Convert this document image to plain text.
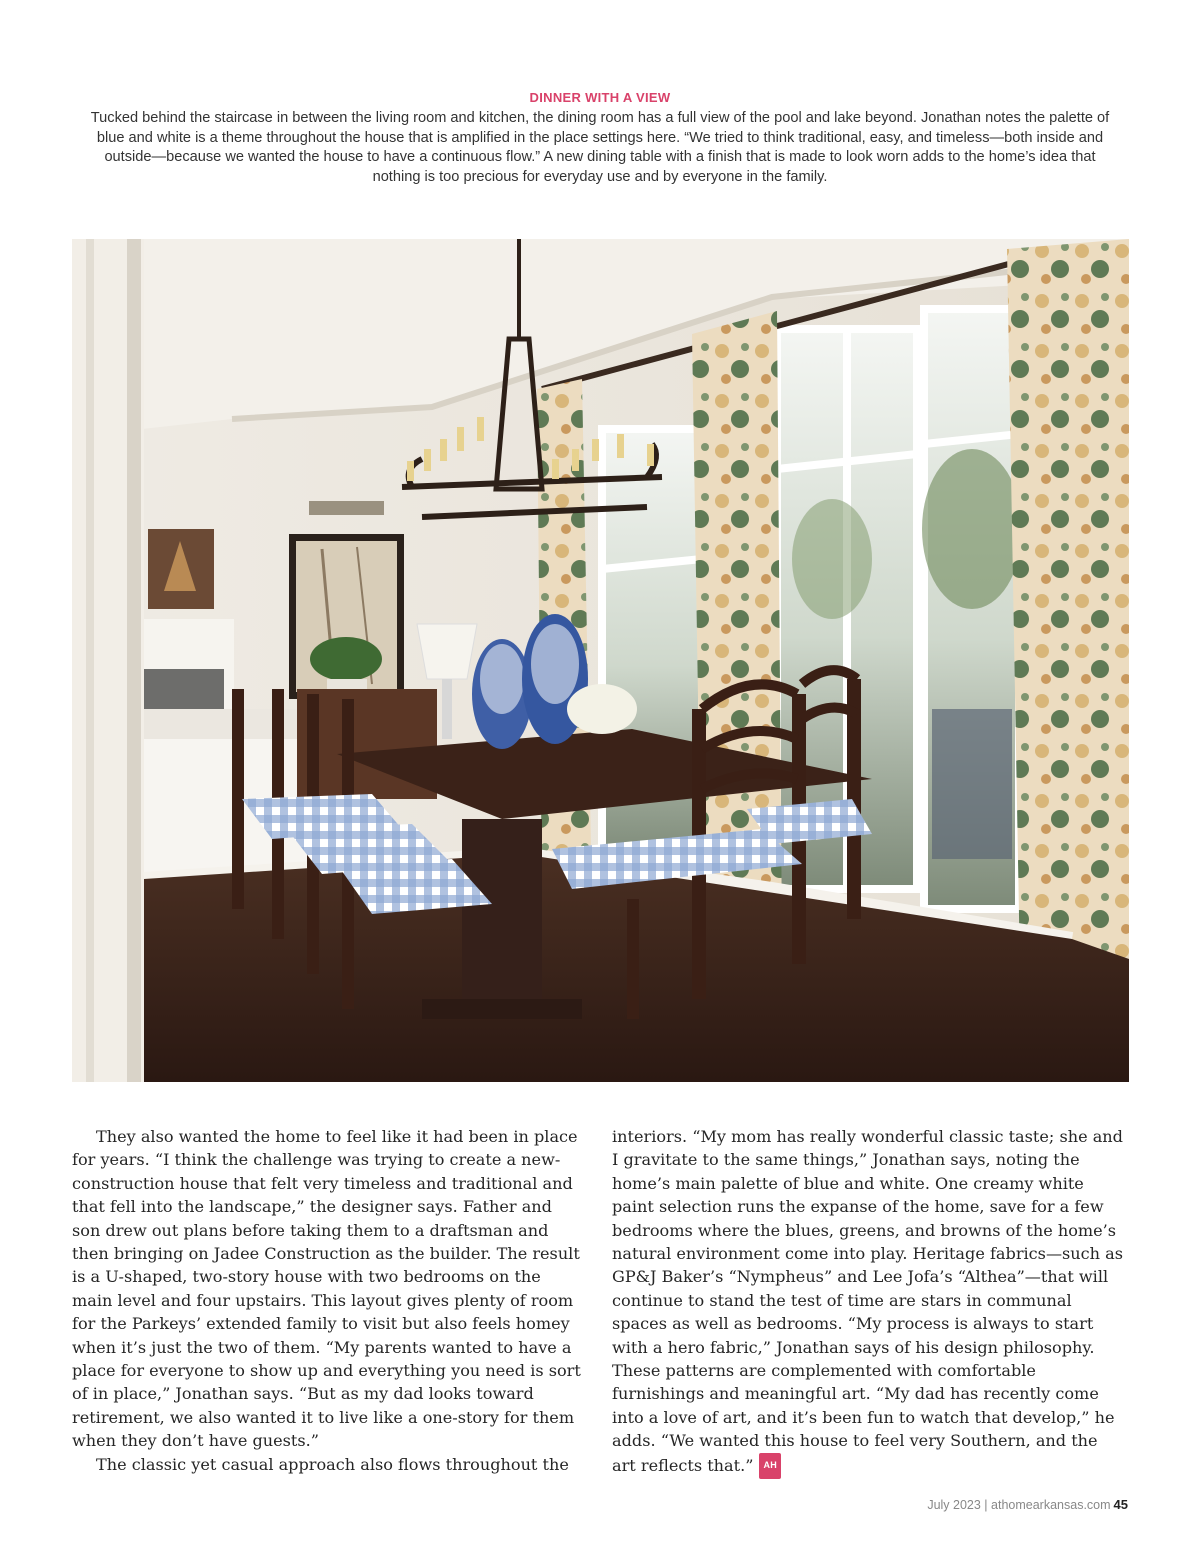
DINNER WITH A VIEW

Tucked behind the staircase in between the living room and kitchen, the dining room has a full view of the pool and lake beyond. Jonathan notes the palette of blue and white is a theme throughout the house that is amplified in the place settings here. “We tried to think traditional, easy, and timeless—both inside and outside—because we wanted the house to have a continuous flow.” A new dining table with a finish that is made to look worn adds to the home’s idea that nothing is too precious for everyday use and by everyone in the family.

They also wanted the home to feel like it had been in place for years. “I think the challenge was trying to create a new-construction house that felt very timeless and traditional and that fell into the landscape,” the designer says. Father and son drew out plans before taking them to a draftsman and then bringing on Jadee Construction as the builder. The result is a U-shaped, two-story house with two bedrooms on the main level and four upstairs. This layout gives plenty of room for the Parkeys’ extended family to visit but also feels homey when it’s just the two of them. “My parents wanted to have a place for everyone to show up and everything you need is sort of in place,” Jonathan says. “But as my dad looks toward retirement, we also wanted it to live like a one-story for them when they don’t have guests.”

The classic yet casual approach also flows throughout the

interiors. “My mom has really wonderful classic taste; she and I gravitate to the same things,” Jonathan says, noting the home’s main palette of blue and white. One creamy white paint selection runs the expanse of the home, save for a few bedrooms where the blues, greens, and browns of the home’s natural environment come into play. Heritage fabrics—such as GP&J Baker’s “Nympheus” and Lee Jofa’s “Althea”—that will continue to stand the test of time are stars in communal spaces as well as bedrooms. “My process is always to start with a hero fabric,” Jonathan says of his design philosophy. These patterns are complemented with comfortable furnishings and meaningful art. “My dad has recently come into a love of art, and it’s been fun to watch that develop,” he adds. “We wanted this house to feel very Southern, and the art reflects that.” AH

July 2023 | athomearkansas.com 45
